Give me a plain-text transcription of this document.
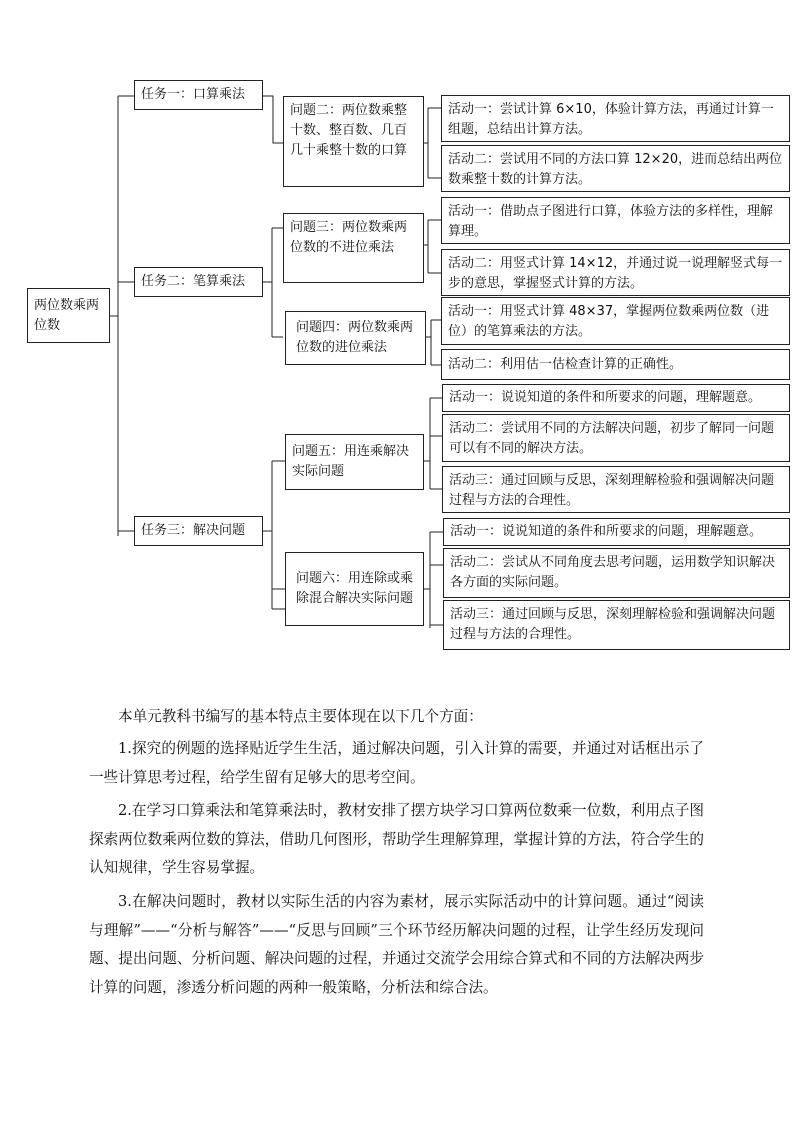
两位数乘两位数
任务一：口算乘法
任务二：笔算乘法
任务三：解决问题
问题二：两位数乘整十数、整百数、几百几十乘整十数的口算
问题三：两位数乘两位数的不进位乘法
问题四：两位数乘两位数的进位乘法
问题五：用连乘解决实际问题
问题六：用连除或乘除混合解决实际问题
活动一：尝试计算 6×10，体验计算方法，再通过计算一组题，总结出计算方法。
活动二：尝试用不同的方法口算 12×20，进而总结出两位数乘整十数的计算方法。
活动一：借助点子图进行口算，体验方法的多样性，理解算理。
活动二：用竖式计算 14×12，并通过说一说理解竖式每一步的意思，掌握竖式计算的方法。
活动一：用竖式计算 48×37，掌握两位数乘两位数（进位）的笔算乘法的方法。
活动二：利用估一估检查计算的正确性。
活动一：说说知道的条件和所要求的问题，理解题意。
活动二：尝试用不同的方法解决问题，初步了解同一问题可以有不同的解决方法。
活动三：通过回顾与反思，深刻理解检验和强调解决问题过程与方法的合理性。
活动一：说说知道的条件和所要求的问题，理解题意。
活动二：尝试从不同角度去思考问题，运用数学知识解决各方面的实际问题。
活动三：通过回顾与反思，深刻理解检验和强调解决问题过程与方法的合理性。

本单元教科书编写的基本特点主要体现在以下几个方面：

1.探究的例题的选择贴近学生生活，通过解决问题，引入计算的需要，并通过对话框出示了一些计算思考过程，给学生留有足够大的思考空间。

2.在学习口算乘法和笔算乘法时，教材安排了摆方块学习口算两位数乘一位数，利用点子图探索两位数乘两位数的算法，借助几何图形，帮助学生理解算理，掌握计算的方法，符合学生的认知规律，学生容易掌握。

3.在解决问题时，教材以实际生活的内容为素材，展示实际活动中的计算问题。通过“阅读与理解”——“分析与解答”——“反思与回顾”三个环节经历解决问题的过程，让学生经历发现问题、提出问题、分析问题、解决问题的过程，并通过交流学会用综合算式和不同的方法解决两步计算的问题，渗透分析问题的两种一般策略，分析法和综合法。
